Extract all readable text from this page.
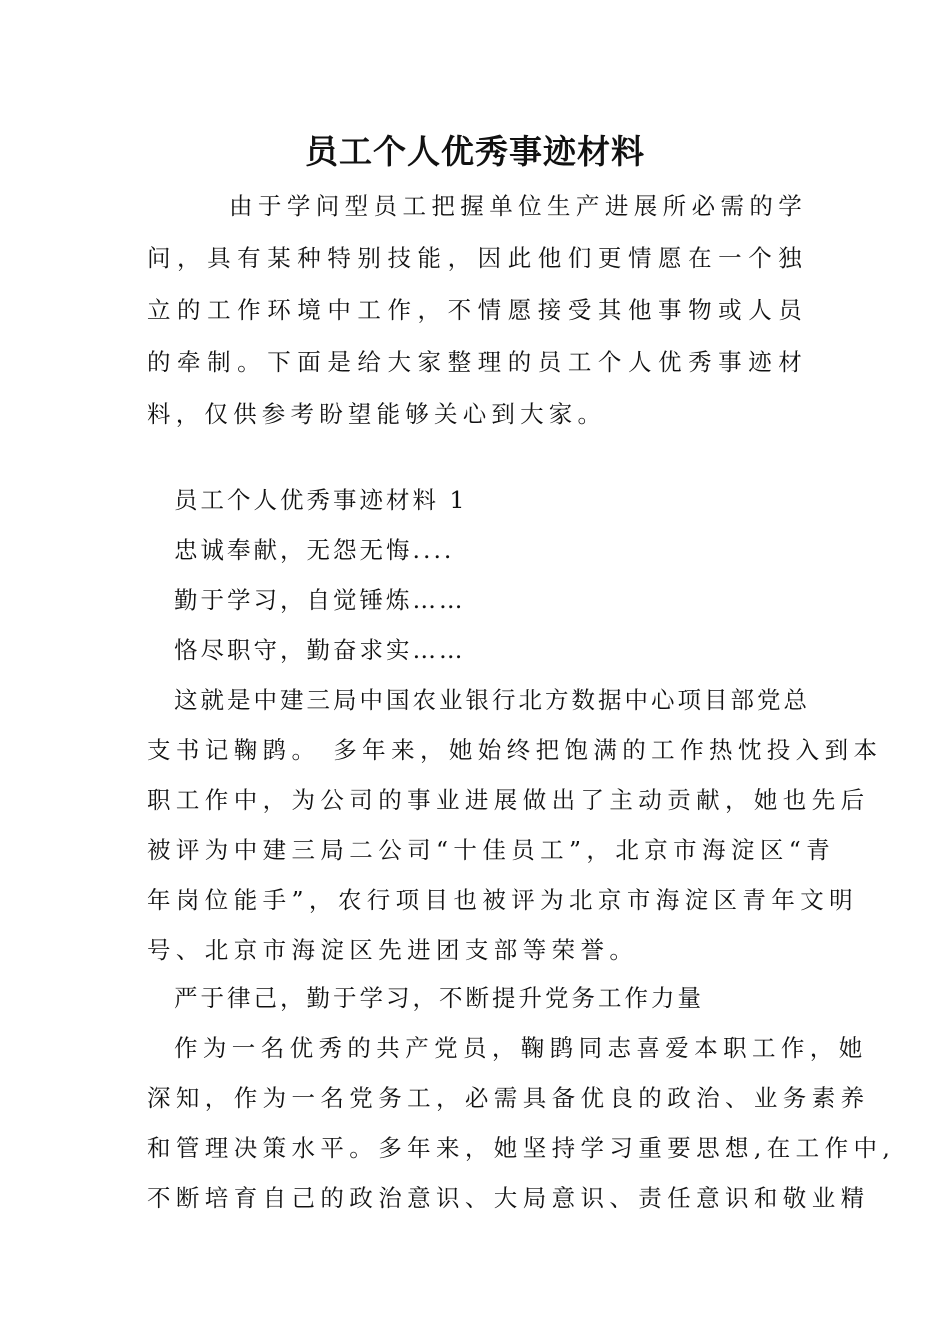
员工个人优秀事迹材料

由于学问型员工把握单位生产进展所必需的学问，具有某种特别技能，因此他们更情愿在一个独立的工作环境中工作，不情愿接受其他事物或人员的牵制。下面是给大家整理的员工个人优秀事迹材料，仅供参考盼望能够关心到大家。

员工个人优秀事迹材料 1

忠诚奉献，无怨无悔....

勤于学习，自觉锤炼……

恪尽职守，勤奋求实……

这就是中建三局中国农业银行北方数据中心项目部党总

支书记鞠鹍。 多年来，她始终把饱满的工作热忱投入到本

职工作中，为公司的事业进展做出了主动贡献，她也先后

被评为中建三局二公司“十佳员工”，北京市海淀区“青

年岗位能手”，农行项目也被评为北京市海淀区青年文明

号、北京市海淀区先进团支部等荣誉。

严于律己，勤于学习，不断提升党务工作力量

作为一名优秀的共产党员，鞠鹍同志喜爱本职工作，她

深知，作为一名党务工，必需具备优良的政治、业务素养

和管理决策水平。多年来，她坚持学习重要思想,在工作中,

不断培育自己的政治意识、大局意识、责任意识和敬业精
